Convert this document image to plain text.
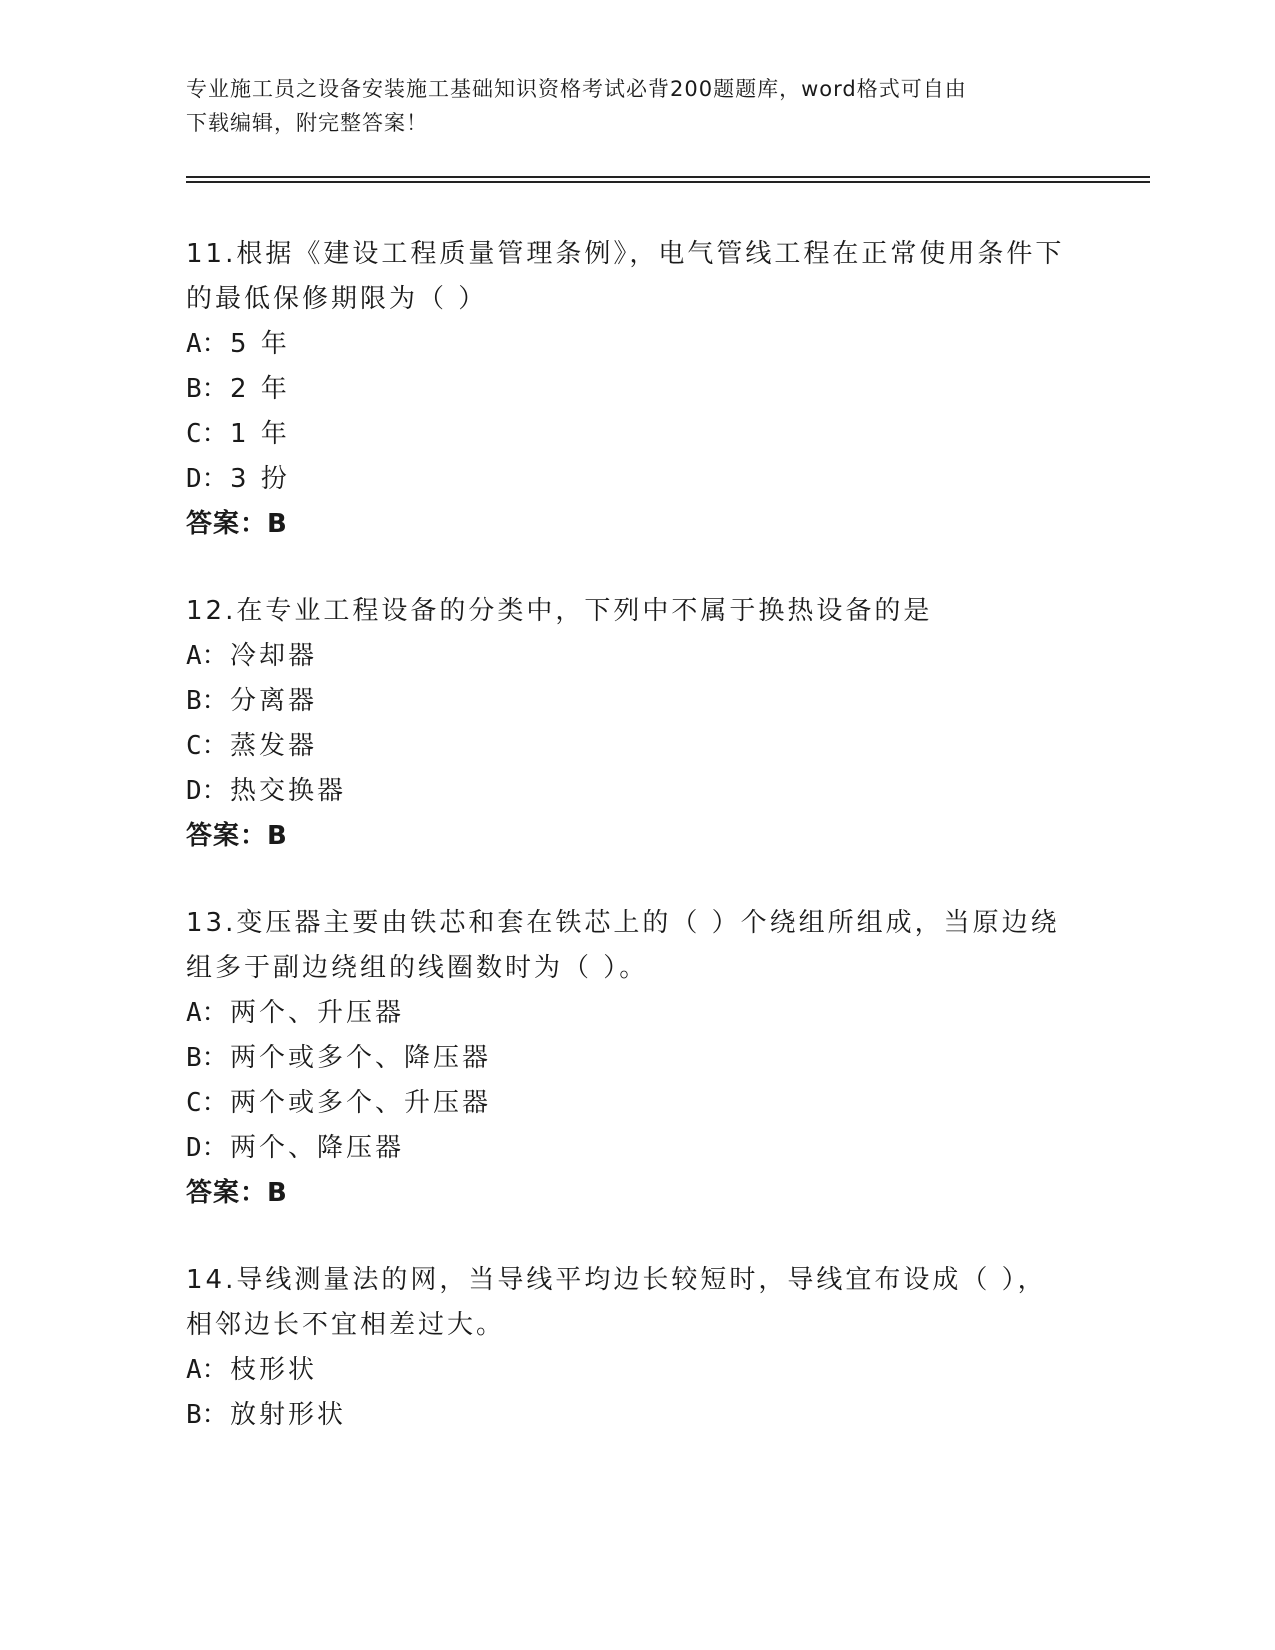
专业施工员之设备安装施工基础知识资格考试必背200题题库，word格式可自由
下载编辑，附完整答案！

11.根据《建设工程质量管理条例》，电气管线工程在正常使用条件下

的最低保修期限为（ ）

A：5 年

B：2 年

C：1 年

D：3 扮

答案：B

12.在专业工程设备的分类中，下列中不属于换热设备的是

A：冷却器

B：分离器

C：蒸发器

D：热交换器

答案：B

13.变压器主要由铁芯和套在铁芯上的（ ）个绕组所组成，当原边绕

组多于副边绕组的线圈数时为（ ）。

A：两个、升压器

B：两个或多个、降压器

C：两个或多个、升压器

D：两个、降压器

答案：B

14.导线测量法的网，当导线平均边长较短时，导线宜布设成（ ），

相邻边长不宜相差过大。

A：枝形状

B：放射形状
